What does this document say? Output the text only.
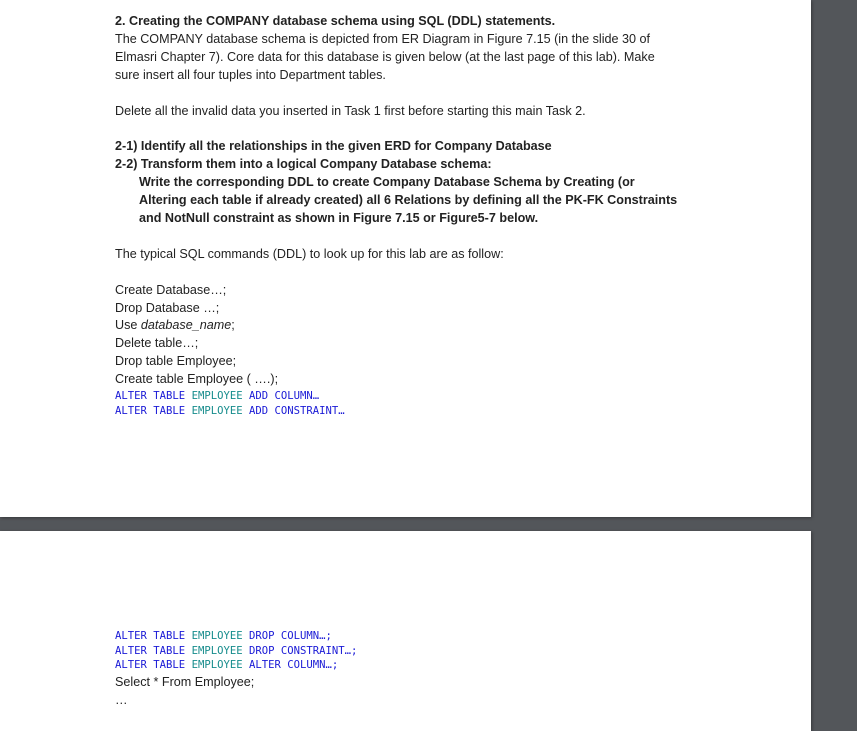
2. Creating the COMPANY database schema using SQL (DDL) statements.
The COMPANY database schema is depicted from ER Diagram in Figure 7.15 (in the slide 30 of
Elmasri Chapter 7). Core data for this database is given below (at the last page of this lab). Make
sure insert all four tuples into Department tables.
Delete all the invalid data you inserted in Task 1 first before starting this main Task 2.
2-1) Identify all the relationships in the given ERD for Company Database
2-2) Transform them into a logical Company Database schema:
Write the corresponding DDL to create Company Database Schema by Creating (or
Altering each table if already created) all 6 Relations by defining all the PK-FK Constraints
and NotNull constraint as shown in Figure 7.15 or Figure5-7 below.
The typical SQL commands (DDL) to look up for this lab are as follow:
Create Database…;
Drop Database …;
Use database_name;
Delete table…;
Drop table Employee;
Create table Employee ( ….);
ALTER TABLE EMPLOYEE ADD COLUMN…
ALTER TABLE EMPLOYEE ADD CONSTRAINT…
ALTER TABLE EMPLOYEE DROP COLUMN…;
ALTER TABLE EMPLOYEE DROP CONSTRAINT…;
ALTER TABLE EMPLOYEE ALTER COLUMN…;
Select * From Employee;
…
